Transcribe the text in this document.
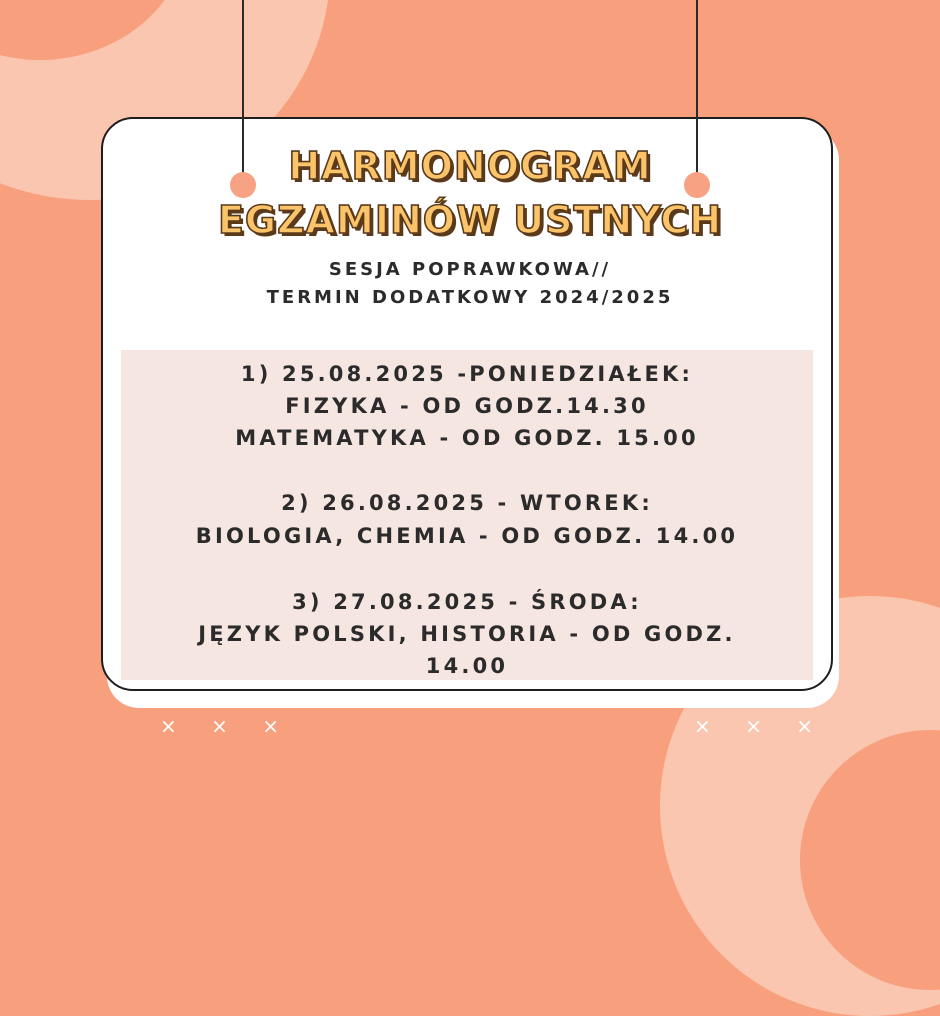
HARMONOGRAM
EGZAMINÓW USTNYCH
SESJA POPRAWKOWA//
TERMIN DODATKOWY 2024/2025
1) 25.08.2025 -PONIEDZIAŁEK:
FIZYKA - OD GODZ.14.30
MATEMATYKA - OD GODZ. 15.00
2) 26.08.2025 - WTOREK:
BIOLOGIA, CHEMIA - OD GODZ. 14.00
3) 27.08.2025 - ŚRODA:
JĘZYK POLSKI, HISTORIA - OD GODZ.
14.00
× × ×	× × ×
